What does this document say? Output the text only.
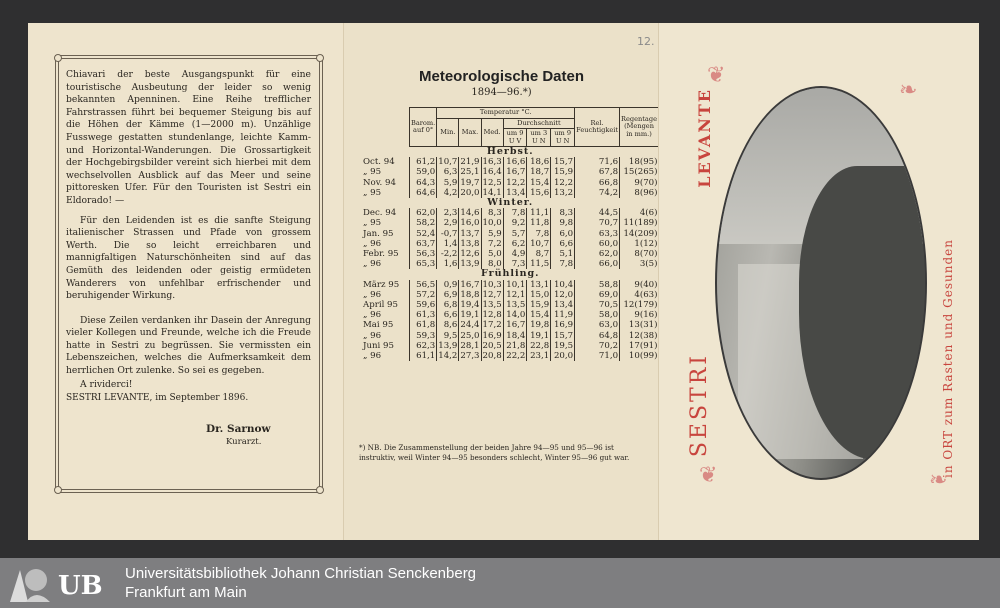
Chiavari der beste Ausgangspunkt für eine touristische Ausbeutung der leider so wenig bekannten Apenninen. Eine Reihe trefflicher Fahrstrassen führt bei bequemer Steigung bis auf die Höhen der Kämme (1—2000 m). Unzählige Fusswege gestatten stundenlange, leichte Kamm- und Horizontal-Wanderungen. Die Grossartigkeit der Hochgebirgsbilder vereint sich hierbei mit dem wechselvollen Ausblick auf das Meer und seine pittoresken Ufer. Für den Touristen ist Sestri ein Eldorado! —

Für den Leidenden ist es die sanfte Steigung italienischer Strassen und Pfade von grossem Werth. Die so leicht erreichbaren und mannigfaltigen Naturschönheiten sind auf das Gemüth des leidenden oder geistig ermüdeten Wanderers von unfehlbar erfrischender und beruhigender Wirkung.

Diese Zeilen verdanken ihr Dasein der Anregung vieler Kollegen und Freunde, welche ich die Freude hatte in Sestri zu begrüssen. Sie vermissten ein Lebenszeichen, welches die Aufmerksamkeit dem herrlichen Ort zulenke. So sei es gegeben.

A rividerci!

SESTRI LEVANTE, im September 1896.
Dr. Sarnow
Kurarzt.
Meteorologische Daten
1894—96.*)
	Barom. auf 0°	Temperatur °C.						Rel. Feuchtigkeit	Regentage (Mengen in mm.)
		Min.	Max.	Med.	Durchschnitt				
					um 9 U V	um 3 U N	um 9 U N		
Herbst.									
Oct. 94	61,2	10,7	21,9	16,3	16,6	18,6	15,7	71,6	18(95)
„ 95	59,0	6,3	25,1	16,4	16,7	18,7	15,9	67,8	15(265)
Nov. 94	64,3	5,9	19,7	12,5	12,2	15,4	12,2	66,8	9(70)
„ 95	64,6	4,2	20,0	14,1	13,4	15,6	13,2	74,2	8(96)
Winter.									
Dec. 94	62,0	2,3	14,6	8,3	7,8	11,1	8,3	44,5	4(6)
„ 95	58,2	2,9	16,0	10,0	9,2	11,8	9,8	70,7	11(189)
Jan. 95	52,4	-0,7	13,7	5,9	5,7	7,8	6,0	63,3	14(209)
„ 96	63,7	1,4	13,8	7,2	6,2	10,7	6,6	60,0	1(12)
Febr. 95	56,3	-2,2	12,6	5,0	4,9	8,7	5,1	62,0	8(70)
„ 96	65,3	1,6	13,9	8,0	7,3	11,5	7,8	66,0	3(5)
Frühling.									
März 95	56,5	0,9	16,7	10,3	10,1	13,1	10,4	58,8	9(40)
„ 96	57,2	6,9	18,8	12,7	12,1	15,0	12,0	69,0	4(63)
April 95	59,6	6,8	19,4	13,5	13,5	15,9	13,4	70,5	12(179)
„ 96	61,3	6,6	19,1	12,8	14,0	15,4	11,9	58,0	9(16)
Mai 95	61,8	8,6	24,4	17,2	16,7	19,8	16,9	63,0	13(31)
„ 96	59,3	9,5	25,0	16,9	18,4	19,1	15,7	64,8	12(38)
Juni 95	62,3	13,9	28,1	20,5	21,8	22,8	19,5	70,2	17(91)
„ 96	61,1	14,2	27,3	20,8	22,2	23,1	20,0	71,0	10(99)
*) NB. Die Zusammenstellung der beiden Jahre 94—95 und 95—96 ist instruktiv, weil Winter 94—95 besonders schlecht, Winter 95—96 gut war.
12.
❦
❦	❧
LEVANTE
SESTRI	in ORT zum Rasten und Gesunden
UB Universitätsbibliothek Johann Christian Senckenberg
Frankfurt am Main
